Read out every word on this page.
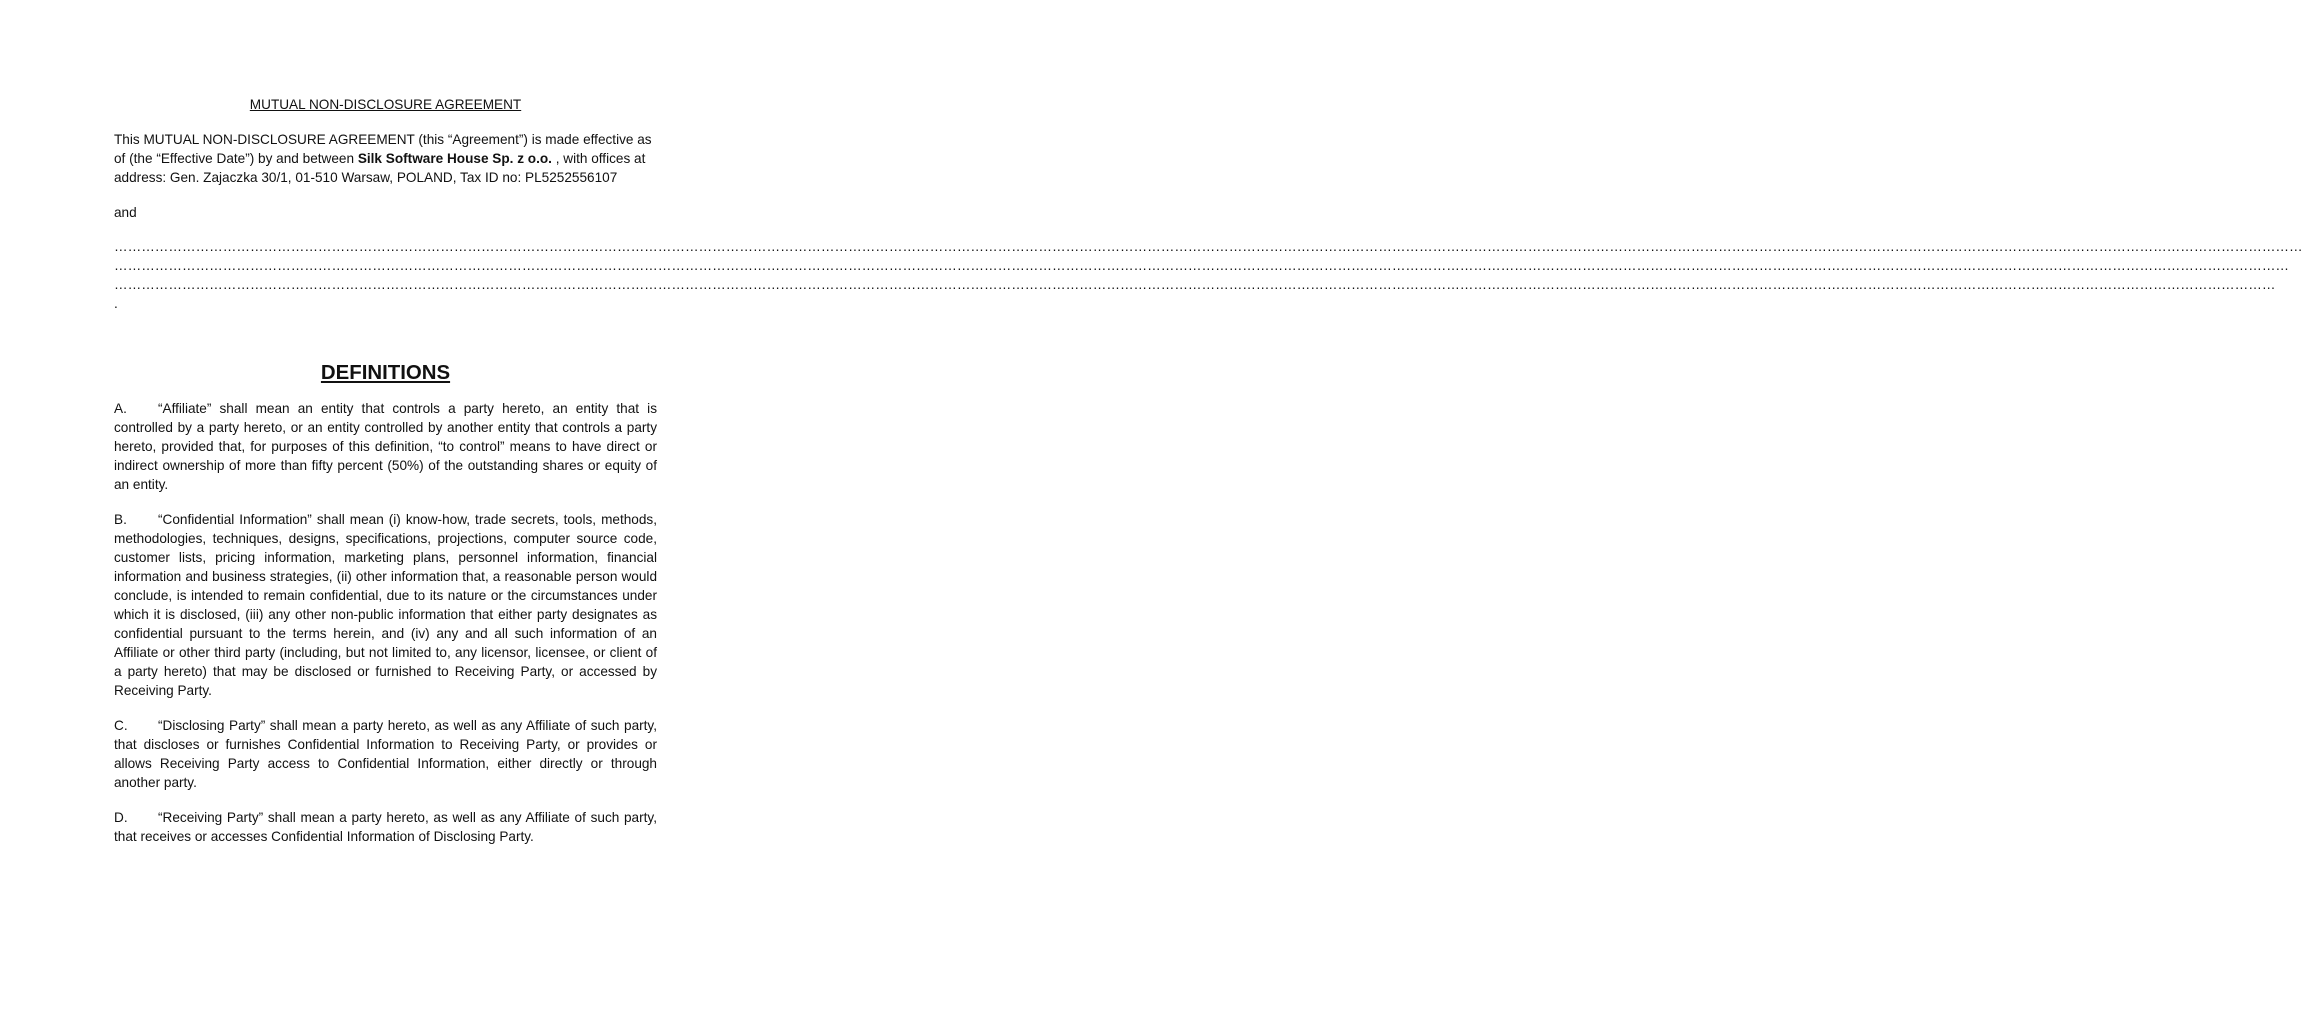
MUTUAL NON-DISCLOSURE AGREEMENT

This MUTUAL NON-DISCLOSURE AGREEMENT (this “Agreement”) is made effective as of (the “Effective Date”) by and between Silk Software House Sp. z o.o. , with offices at address: Gen. Zajaczka 30/1, 01-510 Warsaw, POLAND, Tax ID no: PL5252556107

and

……………………………………………………………………………………………………………………………………………………………………………………………………………………………………………………………………………………………………………………………………………………………………………………………………………………………………………

…………………………………………………………………………………………………………………………………………………………………………………………………………………………………………………………………………………………………………………………………………………………………………………………………………………………………………

………………………………………………………………………………………………………………………………………………………………………………………………………………………………………………………………………………………………………………………………………………………………………………………………………………………………………

.

DEFINITIONS

A. “Affiliate” shall mean an entity that controls a party hereto, an entity that is controlled by a party hereto, or an entity controlled by another entity that controls a party hereto, provided that, for purposes of this definition, “to control” means to have direct or indirect ownership of more than fifty percent (50%) of the outstanding shares or equity of an entity.

B. “Confidential Information” shall mean (i) know-how, trade secrets, tools, methods, methodologies, techniques, designs, specifications, projections, computer source code, customer lists, pricing information, marketing plans, personnel information, financial information and business strategies, (ii) other information that, a reasonable person would conclude, is intended to remain confidential, due to its nature or the circumstances under which it is disclosed, (iii) any other non-public information that either party designates as confidential pursuant to the terms herein, and (iv) any and all such information of an Affiliate or other third party (including, but not limited to, any licensor, licensee, or client of a party hereto) that may be disclosed or furnished to Receiving Party, or accessed by Receiving Party.

C. “Disclosing Party” shall mean a party hereto, as well as any Affiliate of such party, that discloses or furnishes Confidential Information to Receiving Party, or provides or allows Receiving Party access to Confidential Information, either directly or through another party.

D. “Receiving Party” shall mean a party hereto, as well as any Affiliate of such party, that receives or accesses Confidential Information of Disclosing Party.
